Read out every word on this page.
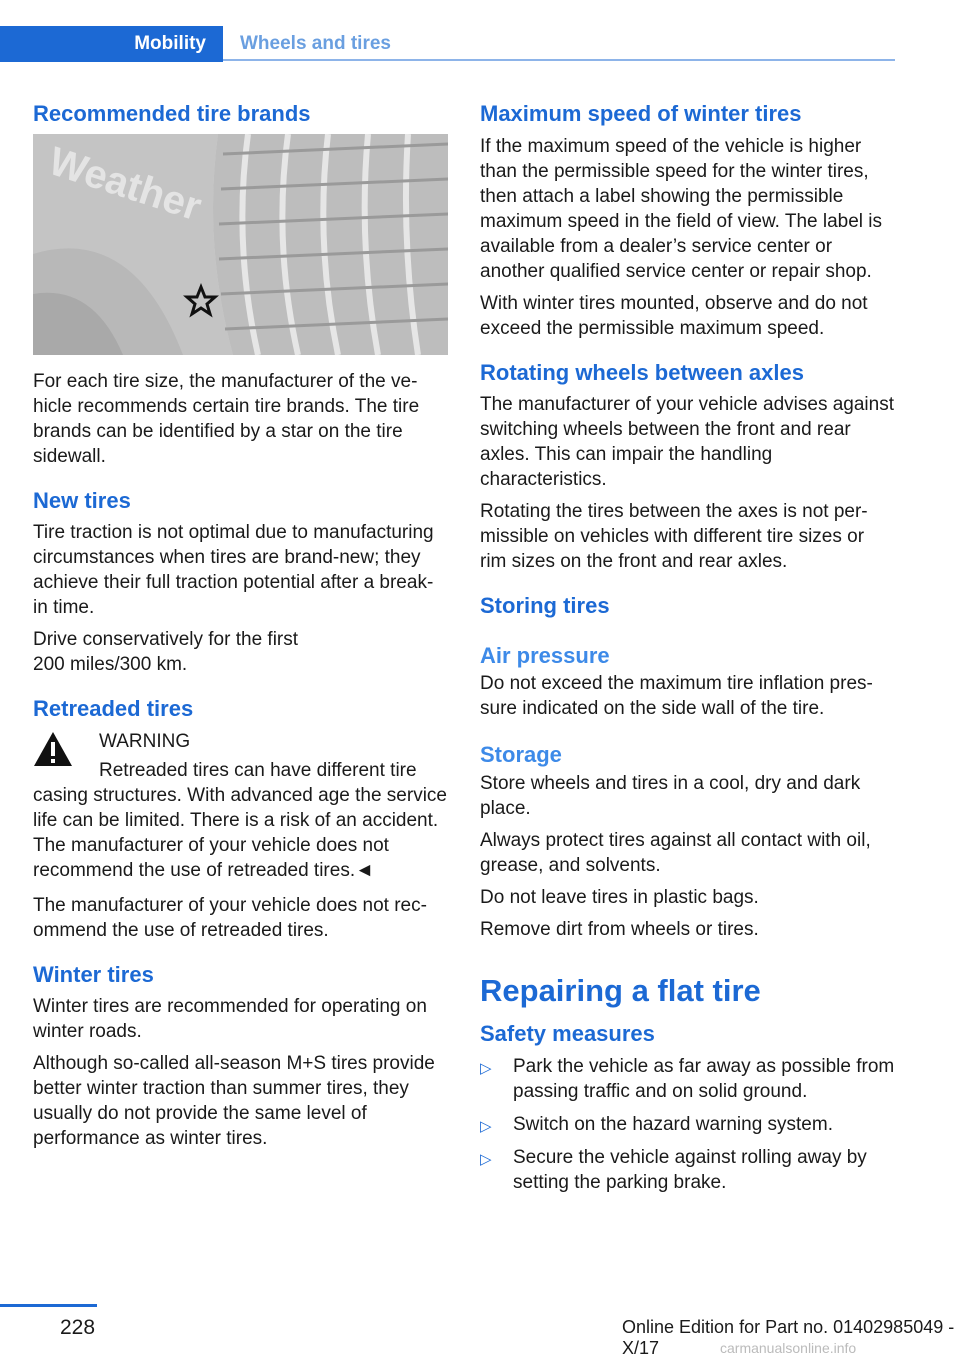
Mobility	Wheels and tires
Recommended tire brands
Weather

For each tire size, the manufacturer of the vehicle recommends certain tire brands. The tire brands can be identified by a star on the tire sidewall.

New tires

Tire traction is not optimal due to manufacturing circumstances when tires are brand-new; they achieve their full traction potential after a break-in time.

Drive conservatively for the first
200 miles/300 km.

Retreaded tires
WARNING

Retreaded tires can have different tire casing structures. With advanced age the service life can be limited. There is a risk of an accident. The manufacturer of your vehicle does not recommend the use of retreaded tires.◄

The manufacturer of your vehicle does not recommend the use of retreaded tires.

Winter tires

Winter tires are recommended for operating on winter roads.

Although so-called all-season M+S tires provide better winter traction than summer tires, they usually do not provide the same level of performance as winter tires.

Maximum speed of winter tires

If the maximum speed of the vehicle is higher than the permissible speed for the winter tires, then attach a label showing the permissible maximum speed in the field of view. The label is available from a dealer’s service center or another qualified service center or repair shop.

With winter tires mounted, observe and do not exceed the permissible maximum speed.

Rotating wheels between axles

The manufacturer of your vehicle advises against switching wheels between the front and rear axles. This can impair the handling characteristics.

Rotating the tires between the axes is not permissible on vehicles with different tire sizes or rim sizes on the front and rear axles.

Storing tires
Air pressure

Do not exceed the maximum tire inflation pressure indicated on the side wall of the tire.

Storage

Store wheels and tires in a cool, dry and dark place.

Always protect tires against all contact with oil, grease, and solvents.

Do not leave tires in plastic bags.

Remove dirt from wheels or tires.

Repairing a flat tire
Safety measures
▷ Park the vehicle as far away as possible from passing traffic and on solid ground.
▷ Switch on the hazard warning system.
▷ Secure the vehicle against rolling away by setting the parking brake.
228	Online Edition for Part no. 01402985049 - X/17	carmanualsonline.info
